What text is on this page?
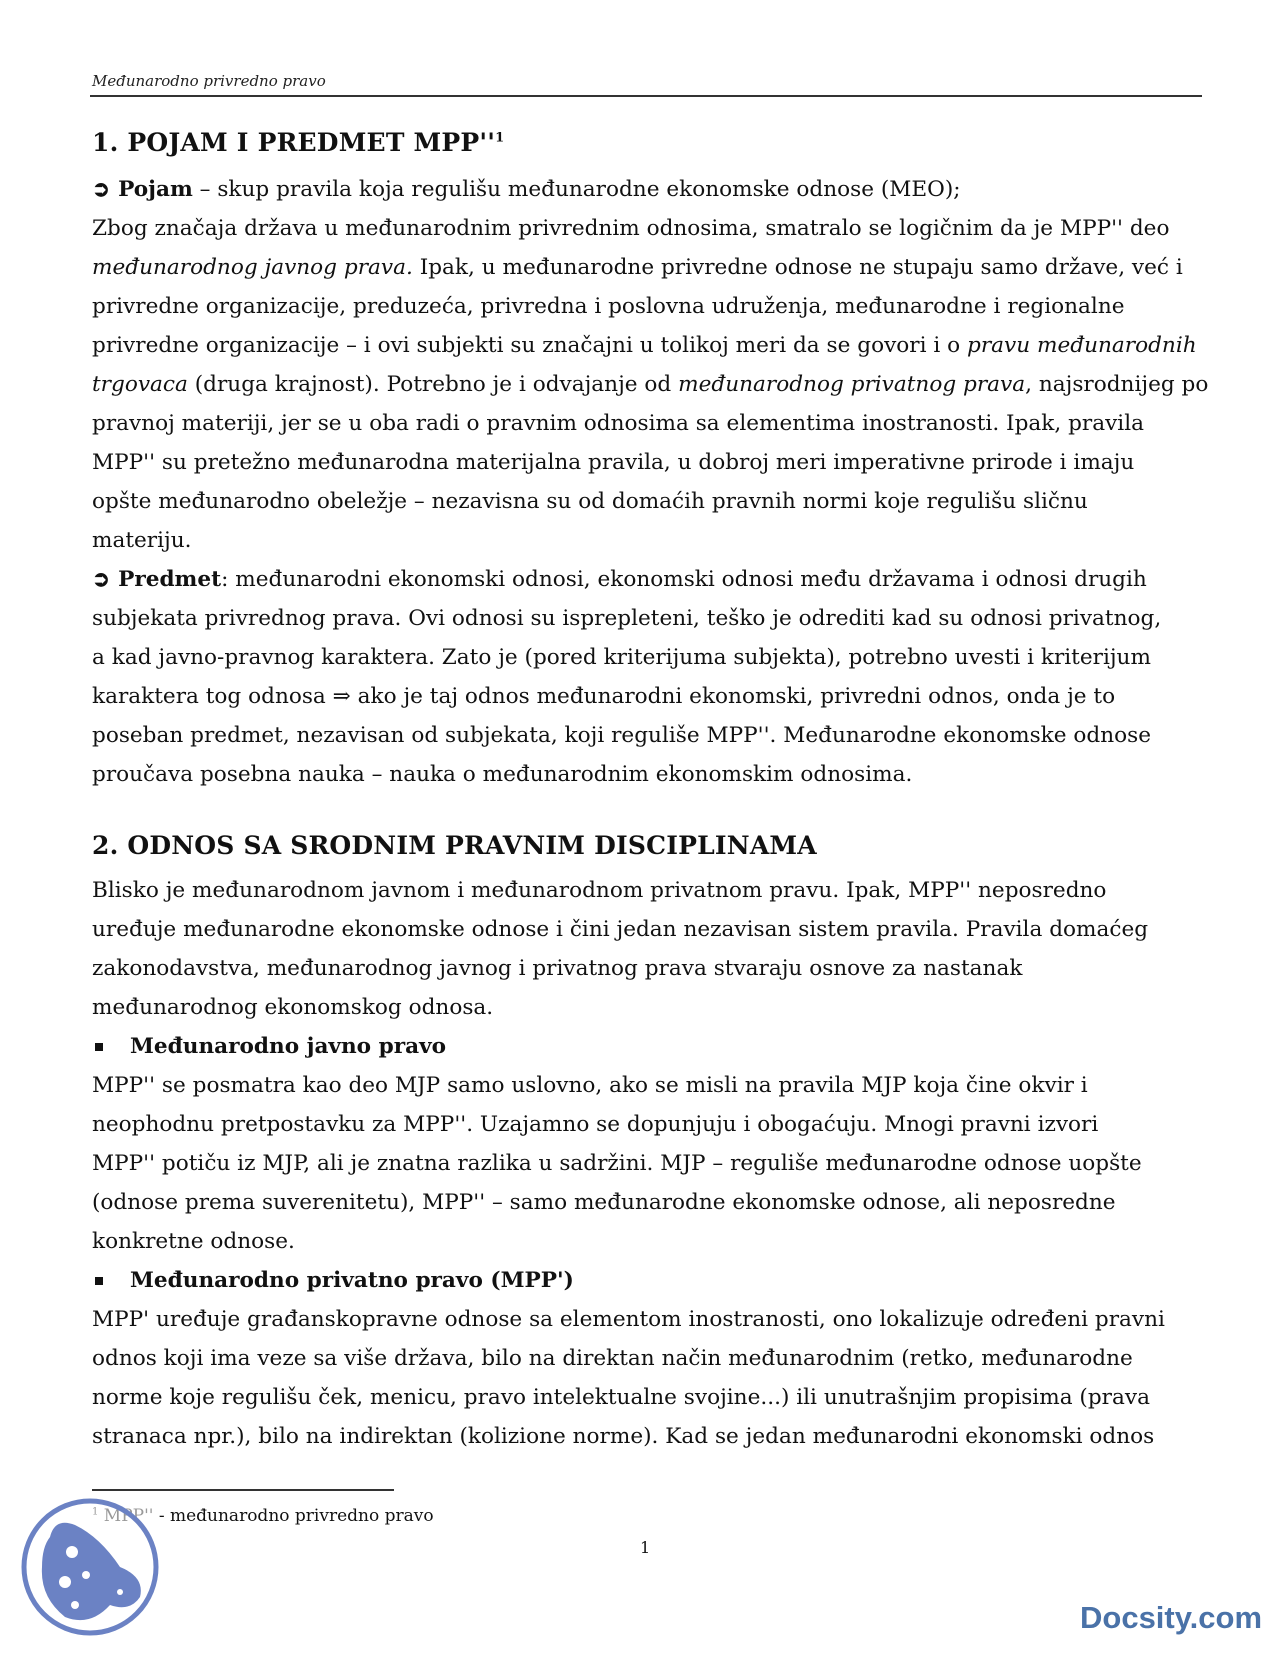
Međunarodno privredno pravo
1. POJAM I PREDMET $MPP''^1$
➲ Pojam – skup pravila koja regulišu međunarodne ekonomske odnose (MEO);
Zbog značaja država u međunarodnim privrednim odnosima, smatralo se logičnim da je MPP'' deo
međunarodnog javnog prava. Ipak, u međunarodne privredne odnose ne stupaju samo države, već i
privredne organizacije, preduzeća, privredna i poslovna udruženja, međunarodne i regionalne
privredne organizacije – i ovi subjekti su značajni u tolikoj meri da se govori i o pravu međunarodnih
trgovaca (druga krajnost). Potrebno je i odvajanje od međunarodnog privatnog prava, najsrodnijeg po
pravnoj materiji, jer se u oba radi o pravnim odnosima sa elementima inostranosti. Ipak, pravila
MPP'' su pretežno međunarodna materijalna pravila, u dobroj meri imperativne prirode i imaju
opšte međunarodno obeležje – nezavisna su od domaćih pravnih normi koje regulišu sličnu
materiju.
➲ Predmet: međunarodni ekonomski odnosi, ekonomski odnosi među državama i odnosi drugih
subjekata privrednog prava. Ovi odnosi su isprepleteni, teško je odrediti kad su odnosi privatnog,
a kad javno-pravnog karaktera. Zato je (pored kriterijuma subjekta), potrebno uvesti i kriterijum
karaktera tog odnosa ⇒ ako je taj odnos međunarodni ekonomski, privredni odnos, onda je to
poseban predmet, nezavisan od subjekata, koji reguliše MPP''. Međunarodne ekonomske odnose
proučava posebna nauka – nauka o međunarodnim ekonomskim odnosima.
2. ODNOS SA SRODNIM PRAVNIM DISCIPLINAMA
Blisko je međunarodnom javnom i međunarodnom privatnom pravu. Ipak, MPP'' neposredno
uređuje međunarodne ekonomske odnose i čini jedan nezavisan sistem pravila. Pravila domaćeg
zakonodavstva, međunarodnog javnog i privatnog prava stvaraju osnove za nastanak
međunarodnog ekonomskog odnosa.
Međunarodno javno pravo
MPP'' se posmatra kao deo MJP samo uslovno, ako se misli na pravila MJP koja čine okvir i
neophodnu pretpostavku za MPP''. Uzajamno se dopunjuju i obogaćuju. Mnogi pravni izvori
MPP'' potiču iz MJP, ali je znatna razlika u sadržini. MJP – reguliše međunarodne odnose uopšte
(odnose prema suverenitetu), MPP'' – samo međunarodne ekonomske odnose, ali neposredne
konkretne odnose.
Međunarodno privatno pravo (MPP')
MPP' uređuje građanskopravne odnose sa elementom inostranosti, ono lokalizuje određeni pravni
odnos koji ima veze sa više država, bilo na direktan način međunarodnim (retko, međunarodne
norme koje regulišu ček, menicu, pravo intelektualne svojine...) ili unutrašnjim propisima (prava
stranaca npr.), bilo na indirektan (kolizione norme). Kad se jedan međunarodni ekonomski odnos
$^1$ MPP'' - međunarodno privredno pravo
1
Docsity.com
